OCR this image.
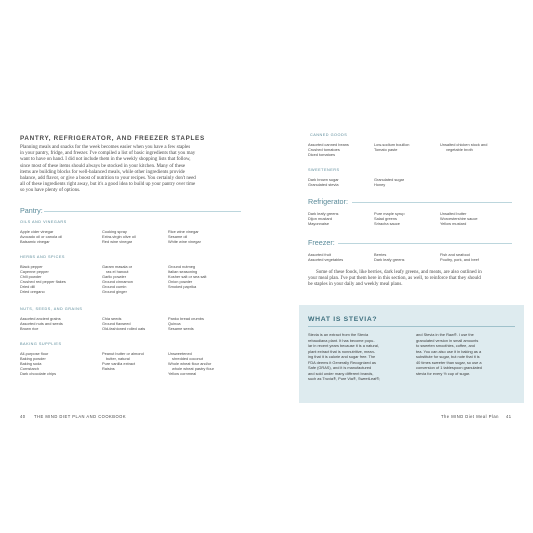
PANTRY, REFRIGERATOR, AND FREEZER STAPLES

Planning meals and snacks for the week becomes easier when you have a few staples

in your pantry, fridge, and freezer. I've compiled a list of basic ingredients that you may

want to have on hand. I did not include them in the weekly shopping lists that follow,

since most of these items should always be stocked in your kitchen. Many of these

items are building blocks for well-balanced meals, while other ingredients provide

balance, add flavor, or give a boost of nutrition to your recipes. You certainly don't need

all of these ingredients right away, but it's a good idea to build up your pantry over time

so you have plenty of options.

Pantry:
OILS AND VINEGARS
Apple cider vinegar
Avocado oil or canola oil
Balsamic vinegar
Cooking spray
Extra-virgin olive oil
Red wine vinegar
Rice wine vinegar
Sesame oil
White wine vinegar
HERBS AND SPICES
Black pepper
Cayenne pepper
Chili powder
Crushed red pepper flakes
Dried dill
Dried oregano
Garam masala or
ras el hanout
Garlic powder
Ground cinnamon
Ground cumin
Ground ginger
Ground nutmeg
Italian seasoning
Kosher salt or sea salt
Onion powder
Smoked paprika
NUTS, SEEDS, AND GRAINS
Assorted ancient grains
Assorted nuts and seeds
Brown rice
Chia seeds
Ground flaxseed
Old-fashioned rolled oats
Panko bread crumbs
Quinoa
Sesame seeds
BAKING SUPPLIES
All-purpose flour
Baking powder
Baking soda
Cornstarch
Dark chocolate chips
Peanut butter or almond
butter, natural
Pure vanilla extract
Raisins
Unsweetened
shredded coconut
Whole wheat flour and/or
whole wheat pastry flour
Yellow cornmeal
40 THE MIND DIET PLAN AND COOKBOOK
CANNED GOODS
Assorted canned beans
Crushed tomatoes
Diced tomatoes
Low-sodium bouillon
Tomato paste
Unsalted chicken stock and
vegetable broth
SWEETENERS
Dark brown sugar
Granulated stevia
Granulated sugar
Honey
Refrigerator:
Dark leafy greens
Dijon mustard
Mayonnaise
Pure maple syrup
Salad greens
Sriracha sauce
Unsalted butter
Worcestershire sauce
Yellow mustard
Freezer:
Assorted fruit
Assorted vegetables
Berries
Dark leafy greens
Fish and seafood
Poultry, pork, and beef

Some of these foods, like berries, dark leafy greens, and meats, are also outlined in

your meal plan. I've put them here in this section, as well, to reinforce that they should

be staples in your daily and weekly meal plans.

WHAT IS STEVIA?
Stevia is an extract from the Stevia
rebaudiana plant. It has become popu-
lar in recent years because it is a natural,
plant extract that is nonnutritive, mean-
ing that it is calorie and sugar free. The
FDA deems it Generally Recognized as
Safe (GRAS), and it is manufactured
and sold under many different brands,
such as Truvia®, Pure Via®, SweetLeaf®,
and Stevia in the Raw®. I use the
granulated version in small amounts
to sweeten smoothies, coffee, and
tea. You can also use it in baking as a
substitute for sugar, but note that it is
40 times sweeter than sugar, so use a
conversion of 1 tablespoon granulated
stevia for every ½ cup of sugar.
The MIND Diet Meal Plan 41
